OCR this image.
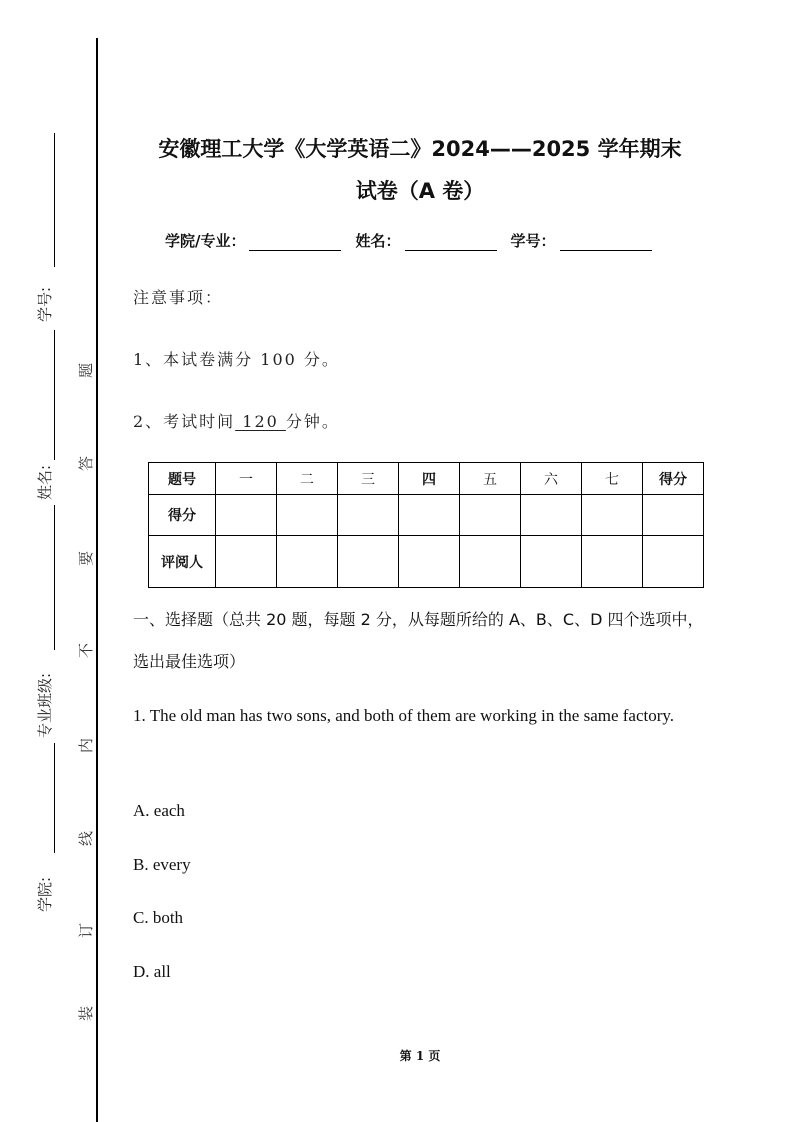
学号:
姓名:
专业班级:
学院:
题
答
要
不
内
线
订
装
安徽理工大学《大学英语二》2024——2025 学年期末
试卷（A 卷）
学院/专业：	姓名：	学号：
注意事项：
1、本试卷满分 100 分。
2、考试时间 120 分钟。
题号	一	二	三	四	五	六	七	得分
得分								
评阅人								
一、选择题（总共 20 题，每题 2 分，从每题所给的 A、B、C、D 四个选项中，选出最佳选项）
1. The old man has two sons, and both of them are working in the same factory.
A. each
B. every
C. both
D. all
第 1 页
